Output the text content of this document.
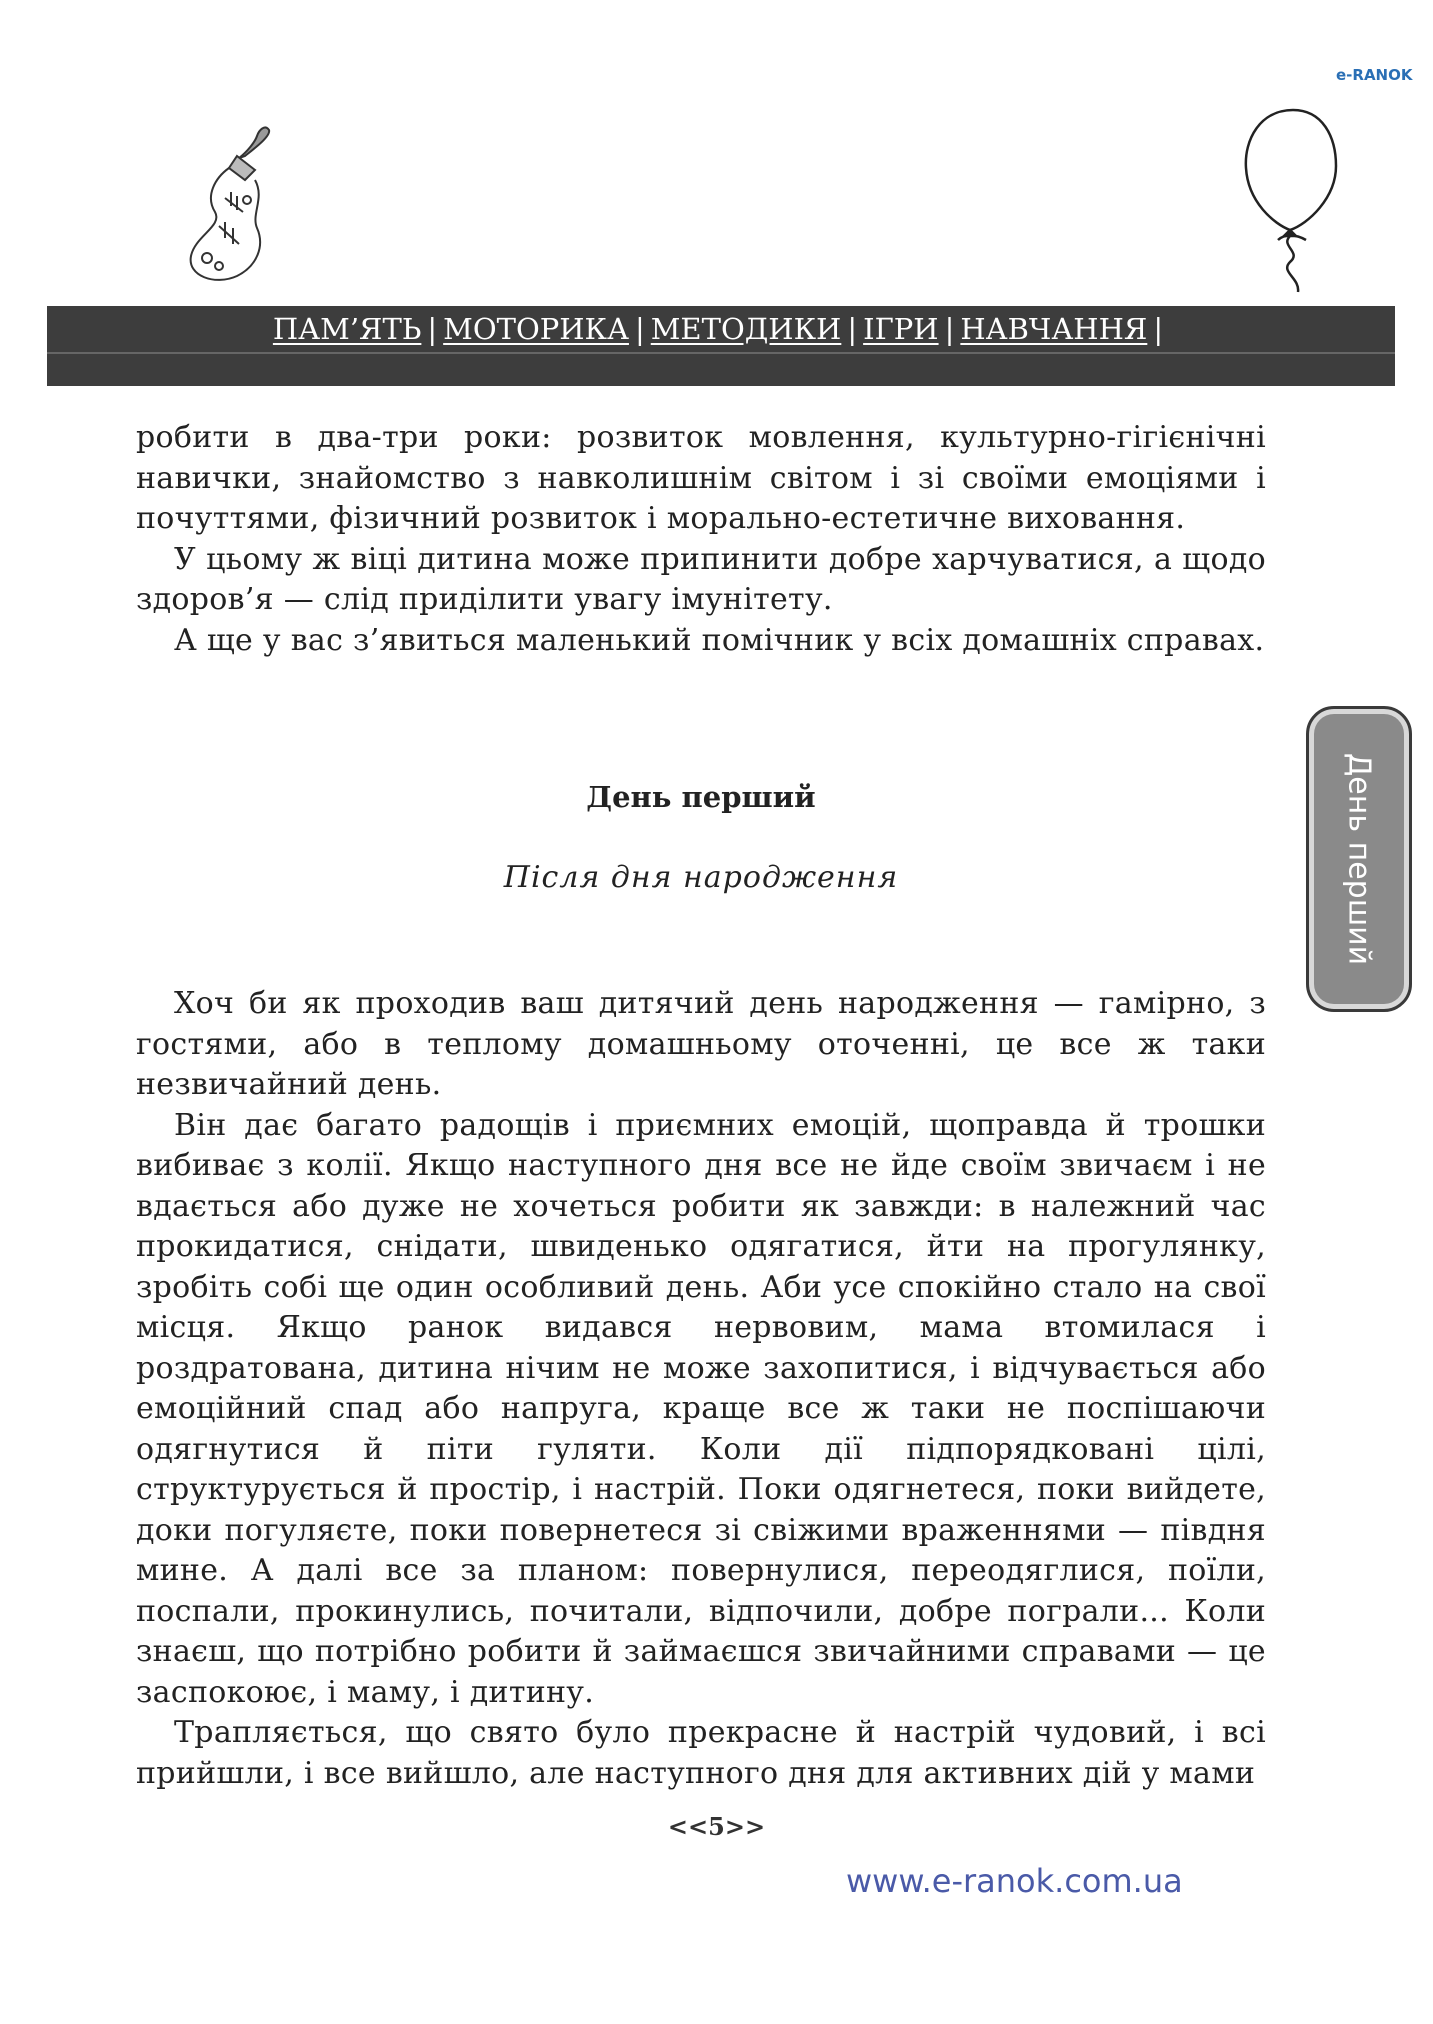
e-RANOK
ПАМ’ЯТЬ | МОТОРИКА | МЕТОДИКИ | ІГРИ | НАВЧАННЯ |

робити в два-три роки: розвиток мовлення, культурно-гігієнічні навички, знайомство з навколишнім світом і зі своїми емоціями і почуттями, фізичний розвиток і морально-естетичне виховання.

У цьому ж віці дитина може припинити добре харчуватися, а щодо здоров’я — слід приділити увагу імунітету.

А ще у вас з’явиться маленький помічник у всіх домашніх справах.

День перший
Після дня народження

Хоч би як проходив ваш дитячий день народження — гамірно, з гостями, або в теплому домашньому оточенні, це все ж таки незвичайний день.

Він дає багато радощів і приємних емоцій, щоправда й трошки вибиває з колії. Якщо наступного дня все не йде своїм звичаєм і не вдається або дуже не хочеться робити як завжди: в належний час прокидатися, снідати, швиденько одягатися, йти на прогулянку, зробіть собі ще один особливий день. Аби усе спокійно стало на свої місця. Якщо ранок видався нервовим, мама втомилася і роздратована, дитина нічим не може захопитися, і відчувається або емоційний спад або напруга, краще все ж таки не поспішаючи одягнутися й піти гуляти. Коли дії підпорядковані цілі, структурується й простір, і настрій. Поки одягнетеся, поки вийдете, доки погуляєте, поки повернетеся зі свіжими враженнями — півдня мине. А далі все за планом: повернулися, переодяглися, поїли, поспали, прокинулись, почитали, відпочили, добре пограли... Коли знаєш, що потрібно робити й займаєшся звичайними справами — це заспокоює, і маму, і дитину.

Трапляється, що свято було прекрасне й настрій чудовий, і всі прийшли, і все вийшло, але наступного дня для активних дій у мами

День перший
<<5>>
www.e-ranok.com.ua
